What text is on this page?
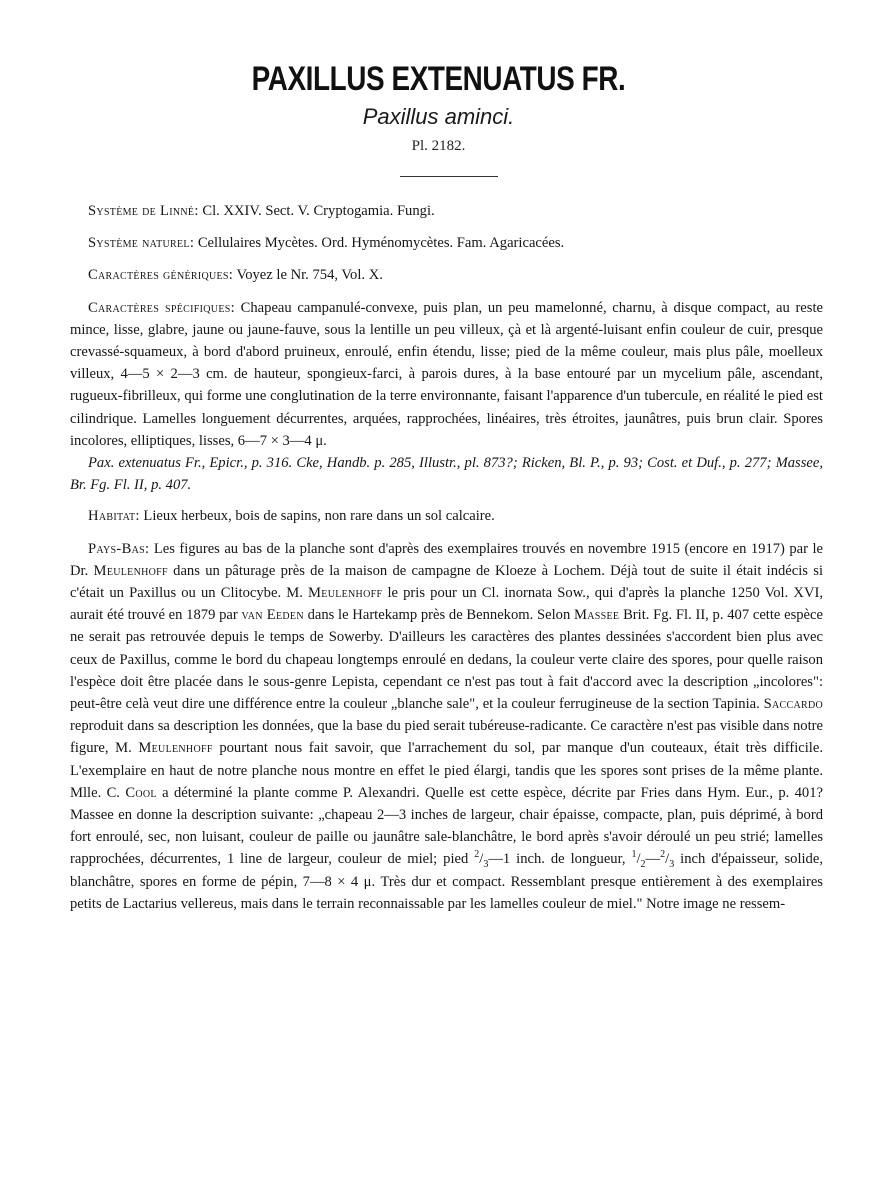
PAXILLUS EXTENUATUS FR.
Paxillus aminci.
Pl. 2182.

Système de Linné: Cl. XXIV. Sect. V. Cryptogamia. Fungi.

Système naturel: Cellulaires Mycètes. Ord. Hyménomycètes. Fam. Agaricacées.

Caractères génériques: Voyez le Nr. 754, Vol. X.

Caractères spécifiques: Chapeau campanulé-convexe, puis plan, un peu mamelonné, charnu, à disque compact, au reste mince, lisse, glabre, jaune ou jaune-fauve, sous la lentille un peu villeux, çà et là argenté-luisant enfin couleur de cuir, presque crevassé-squameux, à bord d'abord pruineux, enroulé, enfin étendu, lisse; pied de la même couleur, mais plus pâle, moelleux villeux, 4—5 × 2—3 cm. de hauteur, spongieux-farci, à parois dures, à la base entouré par un mycelium pâle, ascendant, rugueux-fibrilleux, qui forme une conglutination de la terre environnante, faisant l'apparence d'un tubercule, en réalité le pied est cilindrique. Lamelles longuement décurrentes, arquées, rapprochées, linéaires, très étroites, jaunâtres, puis brun clair. Spores incolores, elliptiques, lisses, 6—7 × 3—4 μ.

Pax. extenuatus Fr., Epicr., p. 316. Cke, Handb. p. 285, Illustr., pl. 873?; Ricken, Bl. P., p. 93; Cost. et Duf., p. 277; Massee, Br. Fg. Fl. II, p. 407.

Habitat: Lieux herbeux, bois de sapins, non rare dans un sol calcaire.

Pays-Bas: Les figures au bas de la planche sont d'après des exemplaires trouvés en novembre 1915 (encore en 1917) par le Dr. Meulenhoff dans un pâturage près de la maison de campagne de Kloeze à Lochem. Déjà tout de suite il était indécis si c'était un Paxillus ou un Clitocybe. M. Meulenhoff le pris pour un Cl. inornata Sow., qui d'après la planche 1250 Vol. XVI, aurait été trouvé en 1879 par van Eeden dans le Hartekamp près de Bennekom. Selon Massee Brit. Fg. Fl. II, p. 407 cette espèce ne serait pas retrouvée depuis le temps de Sowerby. D'ailleurs les caractères des plantes dessinées s'accordent bien plus avec ceux de Paxillus, comme le bord du chapeau longtemps enroulé en dedans, la couleur verte claire des spores, pour quelle raison l'espèce doit être placée dans le sous-genre Lepista, cependant ce n'est pas tout à fait d'accord avec la description „incolores": peut-être celà veut dire une différence entre la couleur „blanche sale", et la couleur ferrugineuse de la section Tapinia. Saccardo reproduit dans sa description les données, que la base du pied serait tubéreuse-radicante. Ce caractère n'est pas visible dans notre figure, M. Meulenhoff pourtant nous fait savoir, que l'arrachement du sol, par manque d'un couteaux, était très difficile. L'exemplaire en haut de notre planche nous montre en effet le pied élargi, tandis que les spores sont prises de la même plante. Mlle. C. Cool a déterminé la plante comme P. Alexandri. Quelle est cette espèce, décrite par Fries dans Hym. Eur., p. 401? Massee en donne la description suivante: „chapeau 2—3 inches de largeur, chair épaisse, compacte, plan, puis déprimé, à bord fort enroulé, sec, non luisant, couleur de paille ou jaunâtre sale-blanchâtre, le bord après s'avoir déroulé un peu strié; lamelles rapprochées, décurrentes, 1 line de largeur, couleur de miel; pied $^2/_3—1$ inch. de longueur, $^1/_2—^2/_3$ inch d'épaisseur, solide, blanchâtre, spores en forme de pépin, 7—8 × 4 μ. Très dur et compact. Ressemblant presque entièrement à des exemplaires petits de Lactarius vellereus, mais dans le terrain reconnaissable par les lamelles couleur de miel." Notre image ne ressem-
